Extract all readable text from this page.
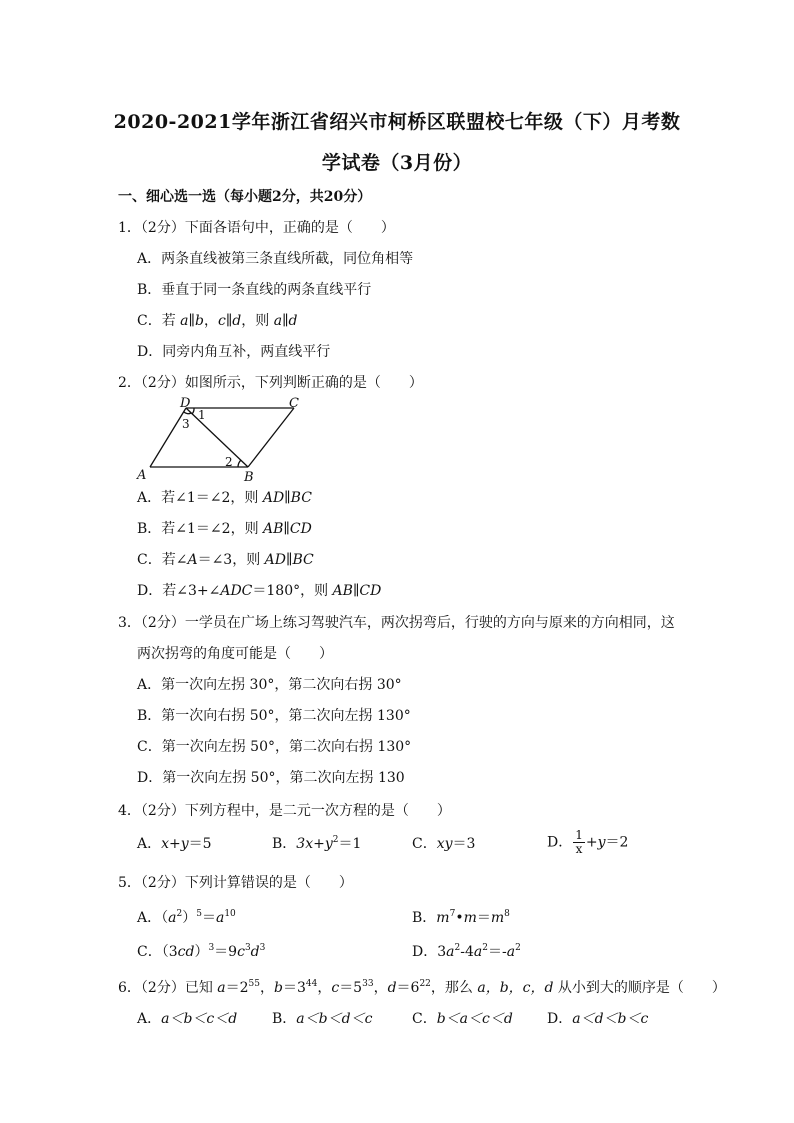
2020-2021学年浙江省绍兴市柯桥区联盟校七年级（下）月考数
学试卷（3月份）
一、细心选一选（每小题2分，共20分）
1．（2分）下面各语句中，正确的是（　　）
A．两条直线被第三条直线所截，同位角相等
B．垂直于同一条直线的两条直线平行
C．若 a∥b，c∥d，则 a∥d
D．同旁内角互补，两直线平行
2．（2分）如图所示，下列判断正确的是（　　）
D	C
A	B
1
3
2
A．若∠1＝∠2，则 AD∥BC
B．若∠1＝∠2，则 AB∥CD
C．若∠A＝∠3，则 AD∥BC
D．若∠3+∠ADC＝180°，则 AB∥CD
3．（2分）一学员在广场上练习驾驶汽车，两次拐弯后，行驶的方向与原来的方向相同，这
两次拐弯的角度可能是（　　）
A．第一次向左拐 30°，第二次向右拐 30°
B．第一次向右拐 50°，第二次向左拐 130°
C．第一次向左拐 50°，第二次向右拐 130°
D．第一次向左拐 50°，第二次向左拐 130
4．（2分）下列方程中，是二元一次方程的是（　　）
A．x+y＝5	B．$3x+y^2=1$	C．xy＝3	D． $\frac{1}{x} +y=2$
5．（2分）下列计算错误的是（　　）
A．$(a^2)^5=a^{10}$	B．$m^7•m=m^8$
C．$(3cd)^3=9c^3d^3$	D．$3a^2-4a^2=-a^2$
6．（2分）已知 $a=2^{55}$，$b=3^{44}$，$c=5^{33}$，$d=6^{22}$，那么 a，b，c，d 从小到大的顺序是（　　）
A．a＜b＜c＜d B．a＜b＜d＜c	C．b＜a＜c＜d D．a＜d＜b＜c
